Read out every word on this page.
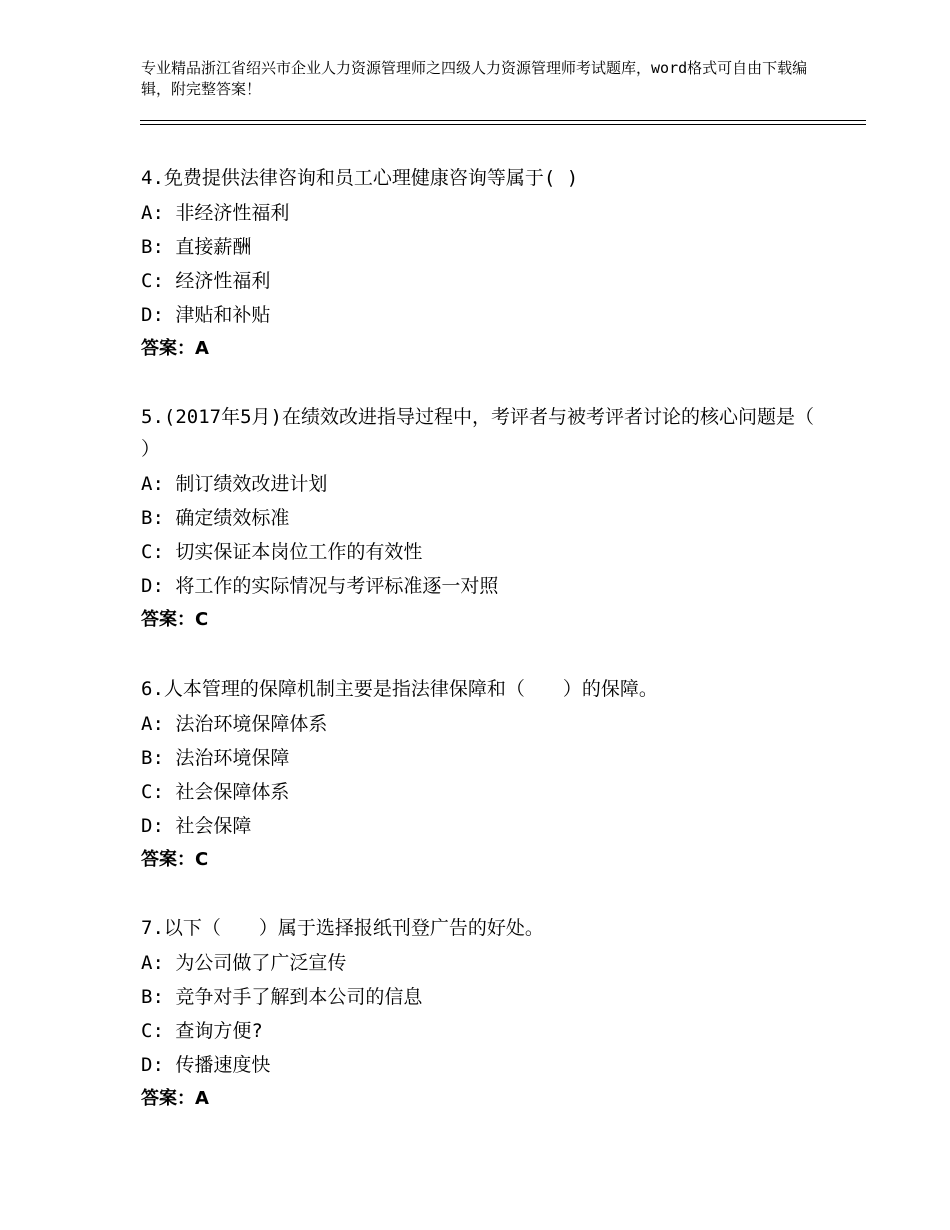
专业精品浙江省绍兴市企业人力资源管理师之四级人力资源管理师考试题库，word格式可自由下载编辑，附完整答案！
4.免费提供法律咨询和员工心理健康咨询等属于( )
A: 非经济性福利
B: 直接薪酬
C: 经济性福利
D: 津贴和补贴
答案：A
5.(2017年5月)在绩效改进指导过程中，考评者与被考评者讨论的核心问题是（ ）
A: 制订绩效改进计划
B: 确定绩效标准
C: 切实保证本岗位工作的有效性
D: 将工作的实际情况与考评标准逐一对照
答案：C
6.人本管理的保障机制主要是指法律保障和（　　）的保障。
A: 法治环境保障体系
B: 法治环境保障
C: 社会保障体系
D: 社会保障
答案：C
7.以下（　　）属于选择报纸刊登广告的好处。
A: 为公司做了广泛宣传
B: 竞争对手了解到本公司的信息
C: 查询方便?
D: 传播速度快
答案：A
